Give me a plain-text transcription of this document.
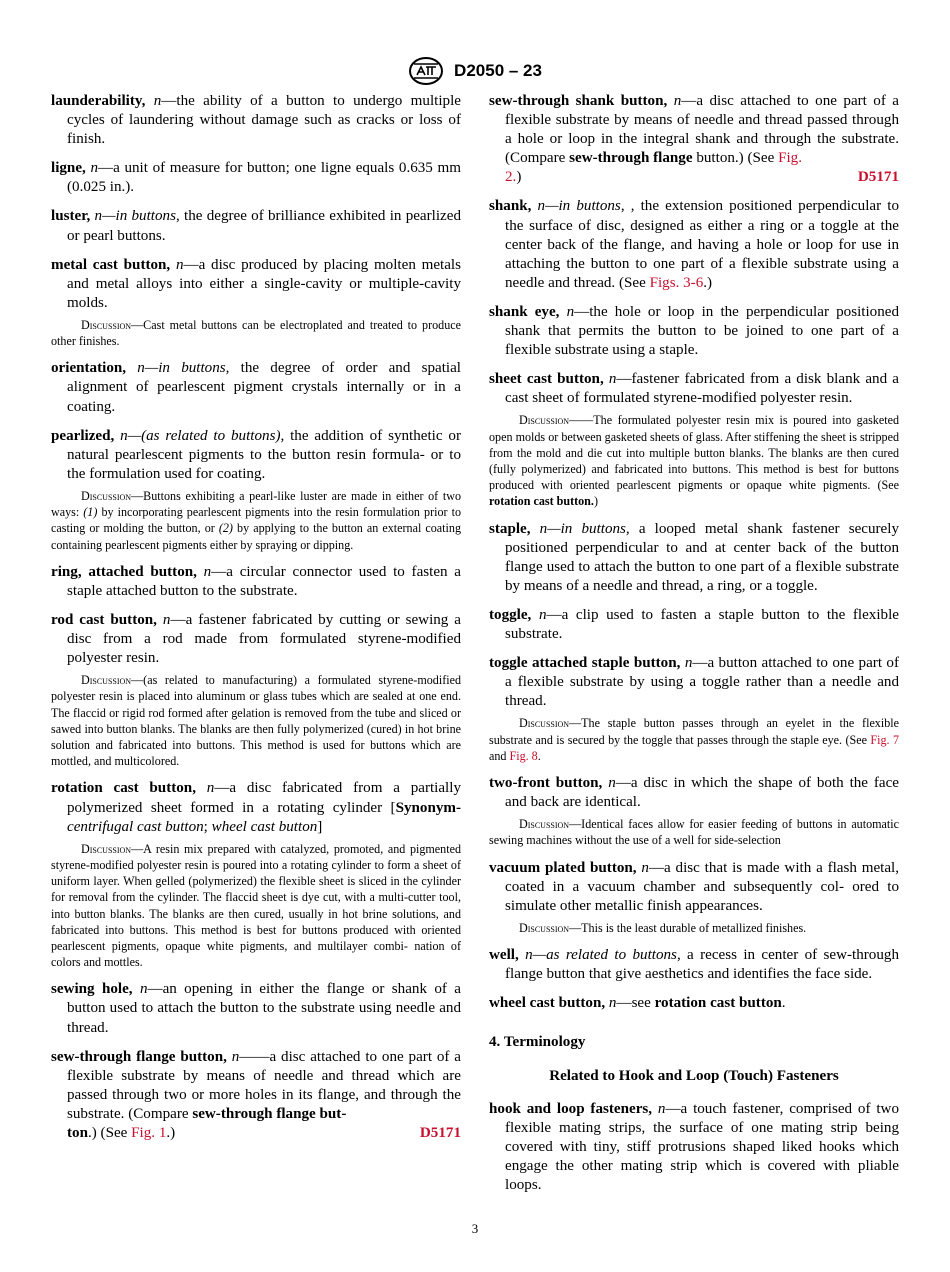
D2050 – 23

launderability, n—the ability of a button to undergo multiple cycles of laundering without damage such as cracks or loss of finish.

ligne, n—a unit of measure for button; one ligne equals 0.635 mm (0.025 in.).

luster, n—in buttons, the degree of brilliance exhibited in pearlized or pearl buttons.

metal cast button, n—a disc produced by placing molten metals and metal alloys into either a single-cavity or multiple-cavity molds.

Discussion—Cast metal buttons can be electroplated and treated to produce other finishes.

orientation, n—in buttons, the degree of order and spatial alignment of pearlescent pigment crystals internally or in a coating.

pearlized, n—(as related to buttons), the addition of synthetic or natural pearlescent pigments to the button resin formula- or to the formulation used for coating.

Discussion—Buttons exhibiting a pearl-like luster are made in either of two ways: (1) by incorporating pearlescent pigments into the resin formulation prior to casting or molding the button, or (2) by applying to the button an external coating containing pearlescent pigments either by spraying or dipping.

ring, attached button, n—a circular connector used to fasten a staple attached button to the substrate.

rod cast button, n—a fastener fabricated by cutting or sewing a disc from a rod made from formulated styrene-modified polyester resin.

Discussion—(as related to manufacturing) a formulated styrene-modified polyester resin is placed into aluminum or glass tubes which are sealed at one end. The flaccid or rigid rod formed after gelation is removed from the tube and sliced or sawed into button blanks. The blanks are then fully polymerized (cured) in hot brine solution and fabricated into buttons. This method is used for buttons which are mottled, and multicolored.

rotation cast button, n—a disc fabricated from a partially polymerized sheet formed in a rotating cylinder [Synonym-centrifugal cast button; wheel cast button]

Discussion—A resin mix prepared with catalyzed, promoted, and pigmented styrene-modified polyester resin is poured into a rotating cylinder to form a sheet of uniform layer. When gelled (polymerized) the flexible sheet is sliced in the cylinder for removal from the cylinder. The flaccid sheet is dye cut, with a multi-cutter tool, into button blanks. The blanks are then cured, usually in hot brine solutions, and fabricated into buttons. This method is best for buttons produced with oriented pearlescent pigments, opaque white pigments, and multilayer combi- nation of colors and mottles.

sewing hole, n—an opening in either the flange or shank of a button used to attach the button to the substrate using needle and thread.

sew-through flange button, n——a disc attached to one part of a flexible substrate by means of needle and thread which are passed through two or more holes in its flange, and through the substrate. (Compare sew-through flange but-
ton.) (See Fig. 1.)	D5171

sew-through shank button, n—a disc attached to one part of a flexible substrate by means of needle and thread passed through a hole or loop in the integral shank and through the substrate. (Compare sew-through flange button.) (See Fig.
2.)	D5171

shank, n—in buttons, , the extension positioned perpendicular to the surface of disc, designed as either a ring or a toggle at the center back of the flange, and having a hole or loop for use in attaching the button to one part of a flexible substrate using a needle and thread. (See Figs. 3-6.)

shank eye, n—the hole or loop in the perpendicular positioned shank that permits the button to be joined to one part of a flexible substrate using a staple.

sheet cast button, n—fastener fabricated from a disk blank and a cast sheet of formulated styrene-modified polyester resin.

Discussion——The formulated polyester resin mix is poured into gasketed open molds or between gasketed sheets of glass. After stiffening the sheet is stripped from the mold and die cut into multiple button blanks. The blanks are then cured (fully polymerized) and fabricated into buttons. This method is best for buttons produced with oriented pearlescent pigments or opaque white pigments. (See rotation cast button.)

staple, n—in buttons, a looped metal shank fastener securely positioned perpendicular to and at center back of the button flange used to attach the button to one part of a flexible substrate by means of a needle and thread, a ring, or a toggle.

toggle, n—a clip used to fasten a staple button to the flexible substrate.

toggle attached staple button, n—a button attached to one part of a flexible substrate by using a toggle rather than a needle and thread.

Discussion—The staple button passes through an eyelet in the flexible substrate and is secured by the toggle that passes through the staple eye. (See Fig. 7 and Fig. 8.

two-front button, n—a disc in which the shape of both the face and back are identical.

Discussion—Identical faces allow for easier feeding of buttons in automatic sewing machines without the use of a well for side-selection

vacuum plated button, n—a disc that is made with a flash metal, coated in a vacuum chamber and subsequently col- ored to simulate other metallic finish appearances.

Discussion—This is the least durable of metallized finishes.

well, n—as related to buttons, a recess in center of sew-through flange button that give aesthetics and identifies the face side.

wheel cast button, n—see rotation cast button.

4. Terminology

Related to Hook and Loop (Touch) Fasteners

hook and loop fasteners, n—a touch fastener, comprised of two flexible mating strips, the surface of one mating strip being covered with tiny, stiff protrusions shaped liked hooks which engage the other mating strip which is covered with pliable loops.

3
